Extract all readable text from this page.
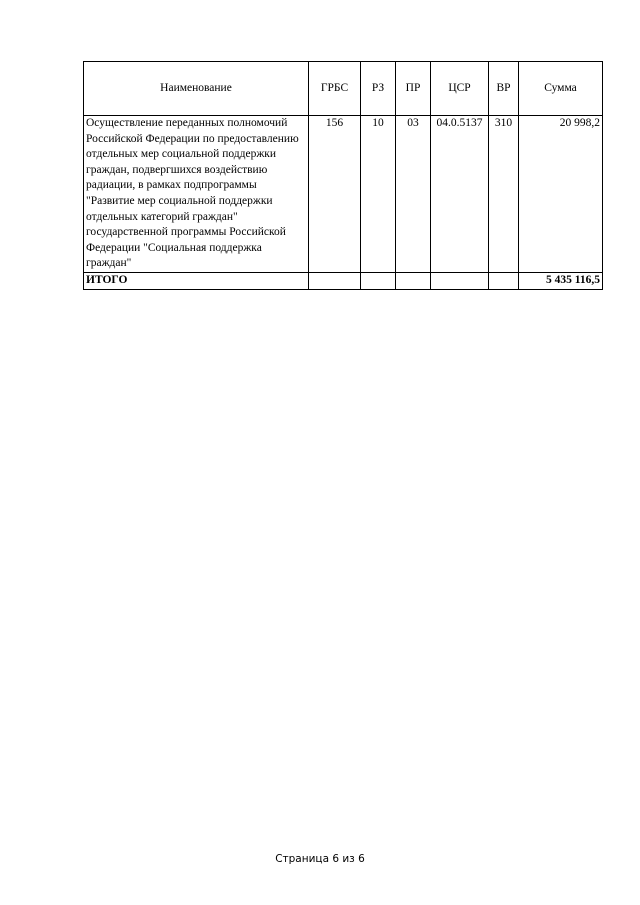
Наименование	ГРБС	РЗ	ПР	ЦСР	ВР	Сумма
Осуществление переданных полномочий Российской Федерации по предоставлению отдельных мер социальной поддержки граждан, подвергшихся воздействию радиации, в рамках подпрограммы "Развитие мер социальной поддержки отдельных категорий граждан" государственной программы Российской Федерации "Социальная поддержка граждан"	156	10	03	04.0.5137	310	20 998,2
ИТОГО						5 435 116,5
Страница 6 из 6
